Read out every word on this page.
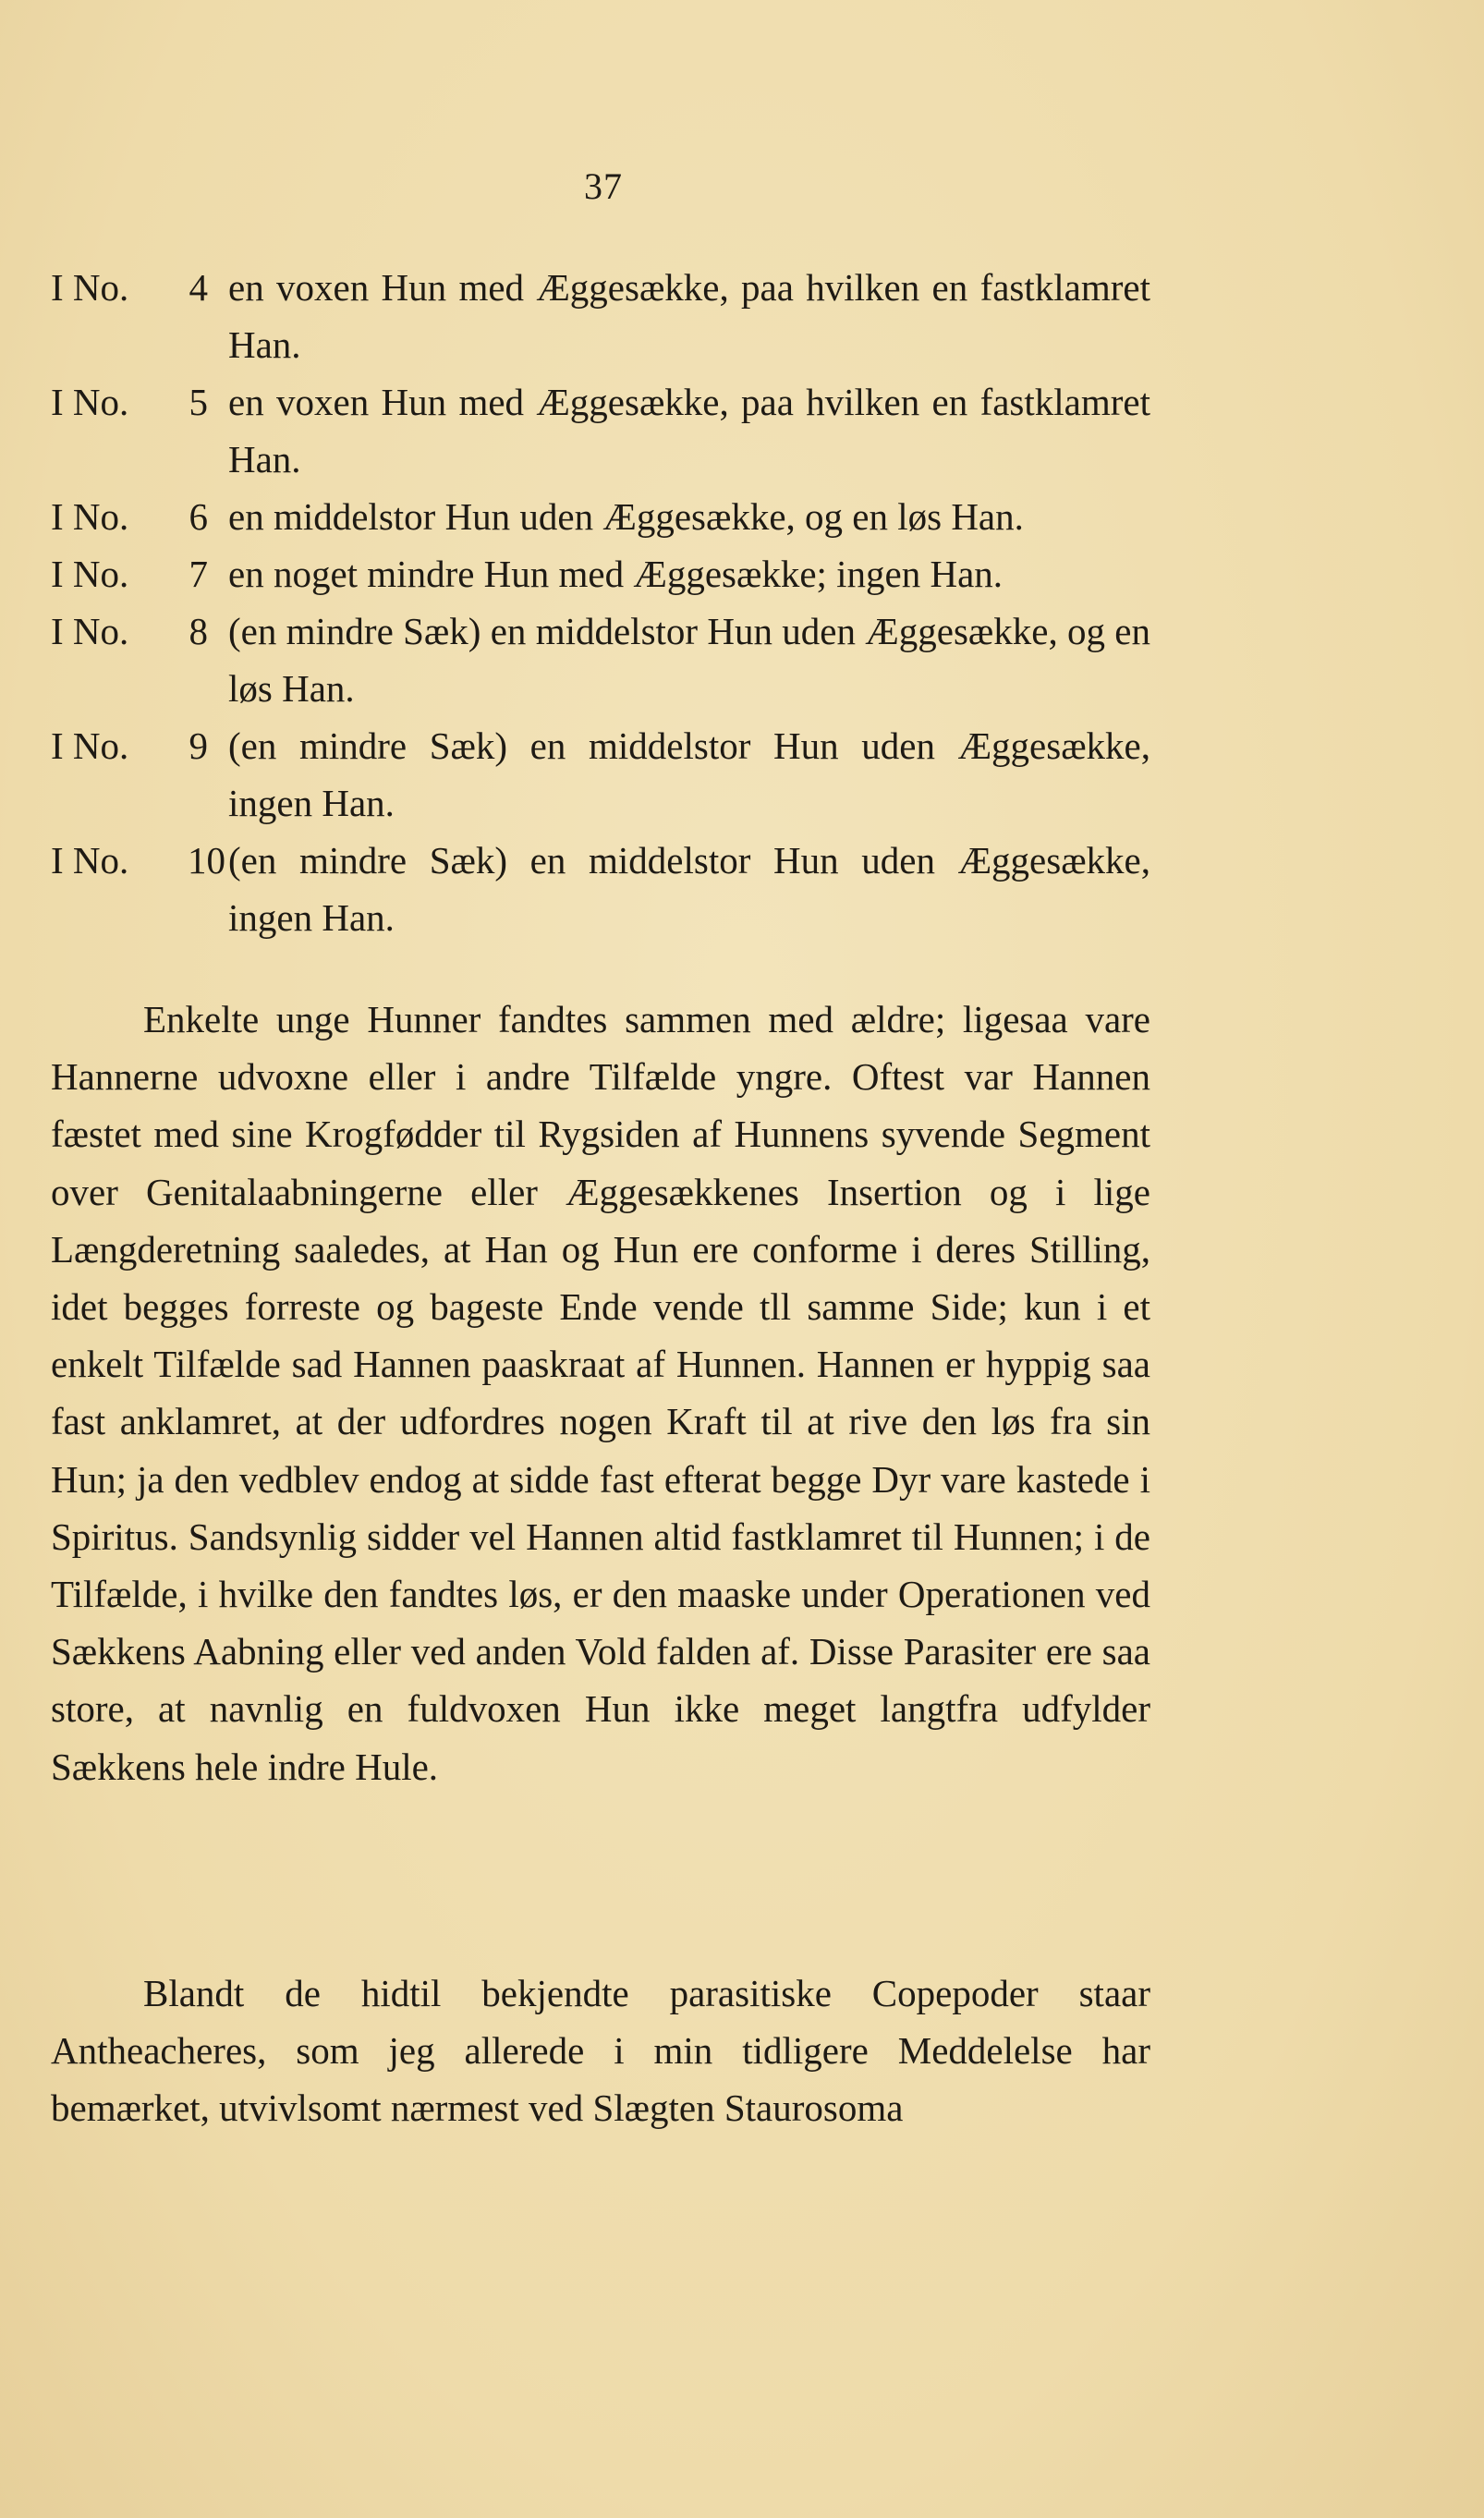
37
I No. 4 en voxen Hun med Æggesække, paa hvilken en fastklamret Han.
I No. 5 en voxen Hun med Æggesække, paa hvilken en fastklamret Han.
I No. 6 en middelstor Hun uden Æggesække, og en løs Han.
I No. 7 en noget mindre Hun med Æggesække; ingen Han.
I No. 8 (en mindre Sæk) en middelstor Hun uden Æggesække, og en løs Han.
I No. 9 (en mindre Sæk) en middelstor Hun uden Æggesække, ingen Han.
I No. 10 (en mindre Sæk) en middelstor Hun uden Æggesække, ingen Han.

Enkelte unge Hunner fandtes sammen med ældre; ligesaa vare Hannerne udvoxne eller i andre Tilfælde yngre. Oftest var Hannen fæstet med sine Krogfødder til Rygsiden af Hunnens syvende Segment over Genitalaabningerne eller Æggesækkenes Insertion og i lige Længderetning saaledes, at Han og Hun ere conforme i deres Stilling, idet begges forreste og bageste Ende vende tll samme Side; kun i et enkelt Tilfælde sad Hannen paaskraat af Hunnen. Hannen er hyppig saa fast anklamret, at der udfordres nogen Kraft til at rive den løs fra sin Hun; ja den vedblev endog at sidde fast efterat begge Dyr vare kastede i Spiritus. Sandsynlig sidder vel Hannen altid fastklamret til Hunnen; i de Tilfælde, i hvilke den fandtes løs, er den maaske under Operationen ved Sækkens Aabning eller ved anden Vold falden af. Disse Parasiter ere saa store, at navnlig en fuldvoxen Hun ikke meget langtfra udfylder Sækkens hele indre Hule.

Blandt de hidtil bekjendte parasitiske Copepoder staar Antheacheres, som jeg allerede i min tidligere Meddelelse har bemærket, utvivlsomt nærmest ved Slægten Staurosoma
